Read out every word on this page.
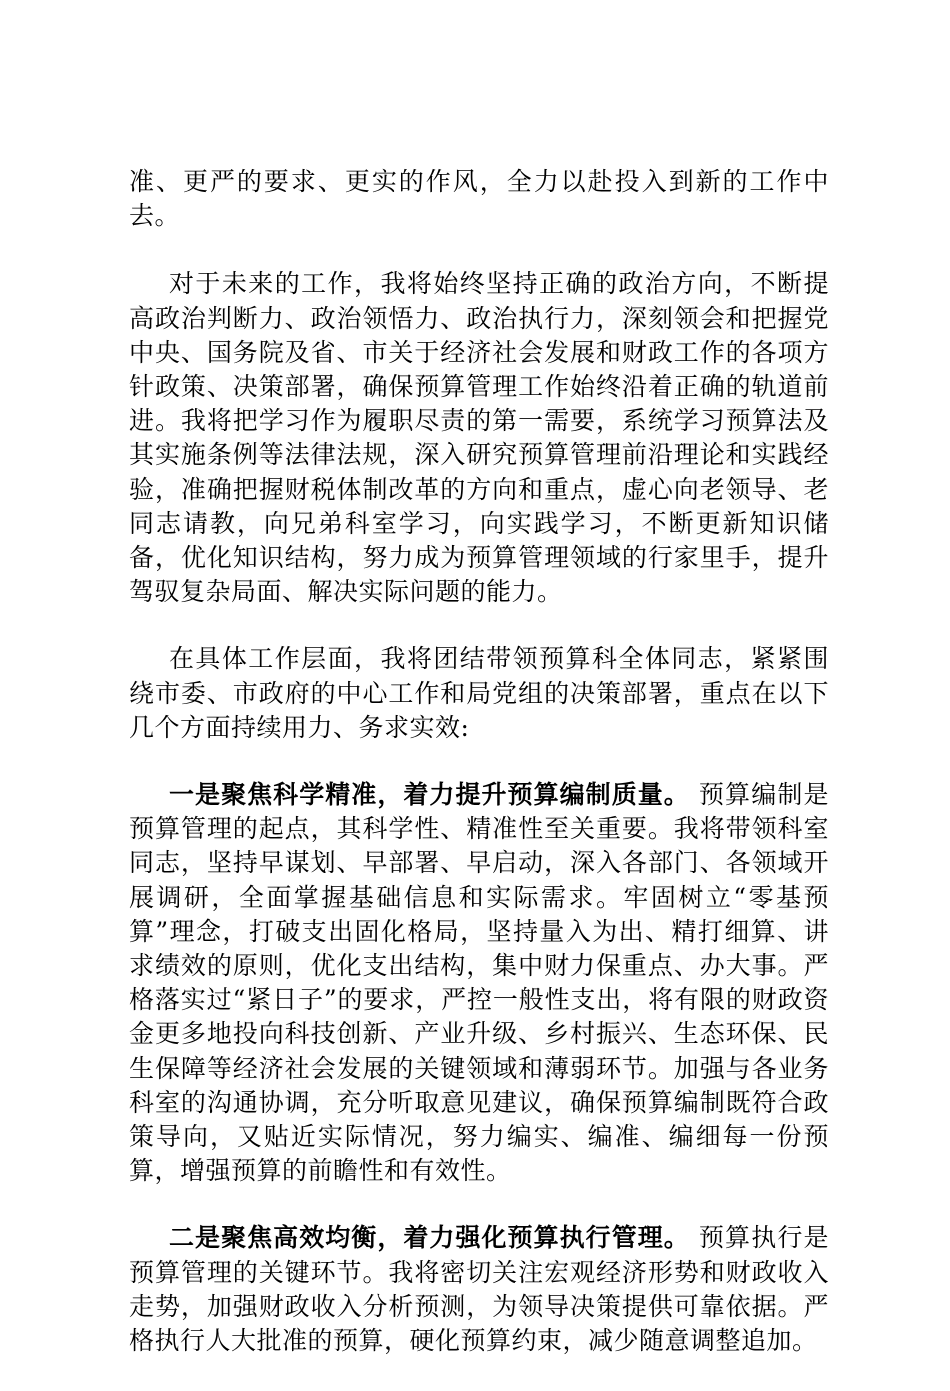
准、更严的要求、更实的作风，全力以赴投入到新的工作中去。

对于未来的工作，我将始终坚持正确的政治方向，不断提高政治判断力、政治领悟力、政治执行力，深刻领会和把握党中央、国务院及省、市关于经济社会发展和财政工作的各项方针政策、决策部署，确保预算管理工作始终沿着正确的轨道前进。我将把学习作为履职尽责的第一需要，系统学习预算法及其实施条例等法律法规，深入研究预算管理前沿理论和实践经验，准确把握财税体制改革的方向和重点，虚心向老领导、老同志请教，向兄弟科室学习，向实践学习，不断更新知识储备，优化知识结构，努力成为预算管理领域的行家里手，提升驾驭复杂局面、解决实际问题的能力。

在具体工作层面，我将团结带领预算科全体同志，紧紧围绕市委、市政府的中心工作和局党组的决策部署，重点在以下几个方面持续用力、务求实效:

一是聚焦科学精准，着力提升预算编制质量。 预算编制是预算管理的起点，其科学性、精准性至关重要。我将带领科室同志，坚持早谋划、早部署、早启动，深入各部门、各领域开展调研，全面掌握基础信息和实际需求。牢固树立“零基预算”理念，打破支出固化格局，坚持量入为出、精打细算、讲求绩效的原则，优化支出结构，集中财力保重点、办大事。严格落实过“紧日子”的要求，严控一般性支出，将有限的财政资金更多地投向科技创新、产业升级、乡村振兴、生态环保、民生保障等经济社会发展的关键领域和薄弱环节。加强与各业务科室的沟通协调，充分听取意见建议，确保预算编制既符合政策导向，又贴近实际情况，努力编实、编准、编细每一份预算，增强预算的前瞻性和有效性。

二是聚焦高效均衡，着力强化预算执行管理。 预算执行是预算管理的关键环节。我将密切关注宏观经济形势和财政收入走势，加强财政收入分析预测，为领导决策提供可靠依据。严格执行人大批准的预算，硬化预算约束，减少随意调整追加。
